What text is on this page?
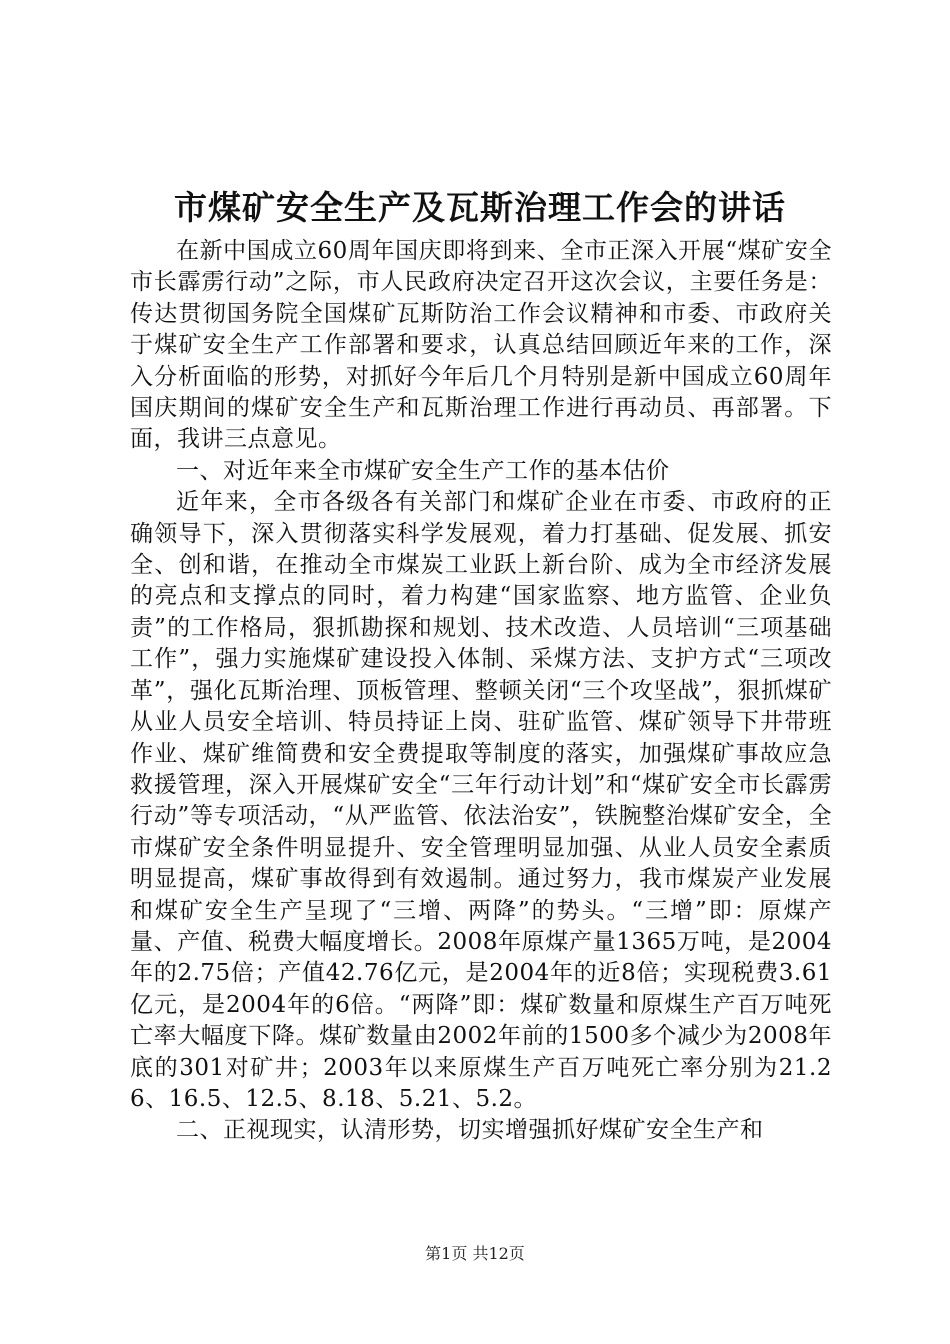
市煤矿安全生产及瓦斯治理工作会的讲话

在新中国成立60周年国庆即将到来、全市正深入开展“煤矿安全市长霹雳行动”之际，市人民政府决定召开这次会议，主要任务是：传达贯彻国务院全国煤矿瓦斯防治工作会议精神和市委、市政府关于煤矿安全生产工作部署和要求，认真总结回顾近年来的工作，深入分析面临的形势，对抓好今年后几个月特别是新中国成立60周年国庆期间的煤矿安全生产和瓦斯治理工作进行再动员、再部署。下面，我讲三点意见。

一、对近年来全市煤矿安全生产工作的基本估价

近年来，全市各级各有关部门和煤矿企业在市委、市政府的正确领导下，深入贯彻落实科学发展观，着力打基础、促发展、抓安全、创和谐，在推动全市煤炭工业跃上新台阶、成为全市经济发展的亮点和支撑点的同时，着力构建“国家监察、地方监管、企业负责”的工作格局，狠抓勘探和规划、技术改造、人员培训“三项基础工作”，强力实施煤矿建设投入体制、采煤方法、支护方式“三项改革”，强化瓦斯治理、顶板管理、整顿关闭“三个攻坚战”，狠抓煤矿从业人员安全培训、特员持证上岗、驻矿监管、煤矿领导下井带班作业、煤矿维简费和安全费提取等制度的落实，加强煤矿事故应急救援管理，深入开展煤矿安全“三年行动计划”和“煤矿安全市长霹雳行动”等专项活动，“从严监管、依法治安”，铁腕整治煤矿安全，全市煤矿安全条件明显提升、安全管理明显加强、从业人员安全素质明显提高，煤矿事故得到有效遏制。通过努力，我市煤炭产业发展和煤矿安全生产呈现了“三增、两降”的势头。“三增”即：原煤产量、产值、税费大幅度增长。2008年原煤产量1365万吨，是2004年的2.75倍；产值42.76亿元，是2004年的近8倍；实现税费3.61亿元，是2004年的6倍。“两降”即：煤矿数量和原煤生产百万吨死亡率大幅度下降。煤矿数量由2002年前的1500多个减少为2008年底的301对矿井；2003年以来原煤生产百万吨死亡率分别为21.26、16.5、12.5、8.18、5.21、5.2。

二、正视现实，认清形势，切实增强抓好煤矿安全生产和

第1页 共12页
